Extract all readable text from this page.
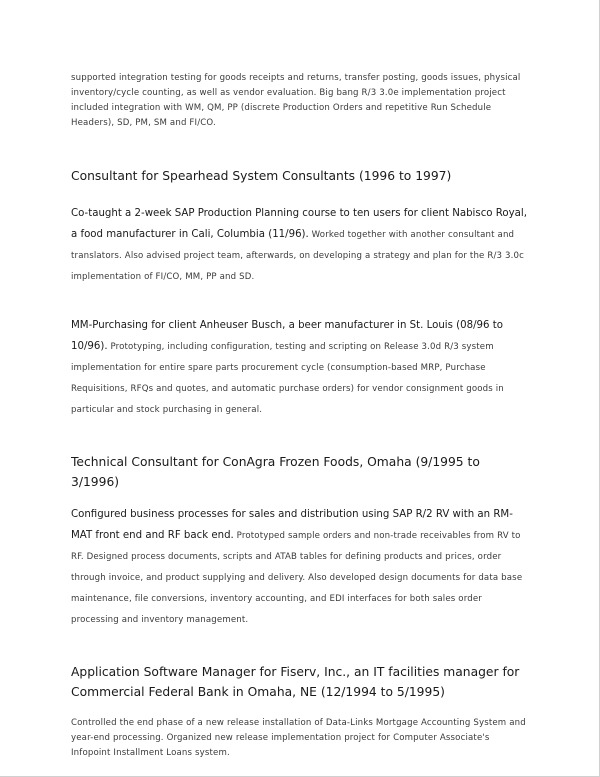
supported integration testing for goods receipts and returns, transfer posting, goods issues, physical inventory/cycle counting, as well as vendor evaluation. Big bang R/3 3.0e implementation project included integration with WM, QM, PP (discrete Production Orders and repetitive Run Schedule Headers), SD, PM, SM and FI/CO.

Consultant for Spearhead System Consultants (1996 to 1997)

Co-taught a 2-week SAP Production Planning course to ten users for client Nabisco Royal, a food manufacturer in Cali, Columbia (11/96). Worked together with another consultant and translators. Also advised project team, afterwards, on developing a strategy and plan for the R/3 3.0c implementation of FI/CO, MM, PP and SD.

MM-Purchasing for client Anheuser Busch, a beer manufacturer in St. Louis (08/96 to 10/96). Prototyping, including configuration, testing and scripting on Release 3.0d R/3 system implementation for entire spare parts procurement cycle (consumption-based MRP, Purchase Requisitions, RFQs and quotes, and automatic purchase orders) for vendor consignment goods in particular and stock purchasing in general.

Technical Consultant for ConAgra Frozen Foods, Omaha (9/1995 to 3/1996)

Configured business processes for sales and distribution using SAP R/2 RV with an RM-MAT front end and RF back end. Prototyped sample orders and non-trade receivables from RV to RF. Designed process documents, scripts and ATAB tables for defining products and prices, order through invoice, and product supplying and delivery. Also developed design documents for data base maintenance, file conversions, inventory accounting, and EDI interfaces for both sales order processing and inventory management.

Application Software Manager for Fiserv, Inc., an IT facilities manager for Commercial Federal Bank in Omaha, NE (12/1994 to 5/1995)

Controlled the end phase of a new release installation of Data-Links Mortgage Accounting System and year-end processing. Organized new release implementation project for Computer Associate's Infopoint Installment Loans system.
